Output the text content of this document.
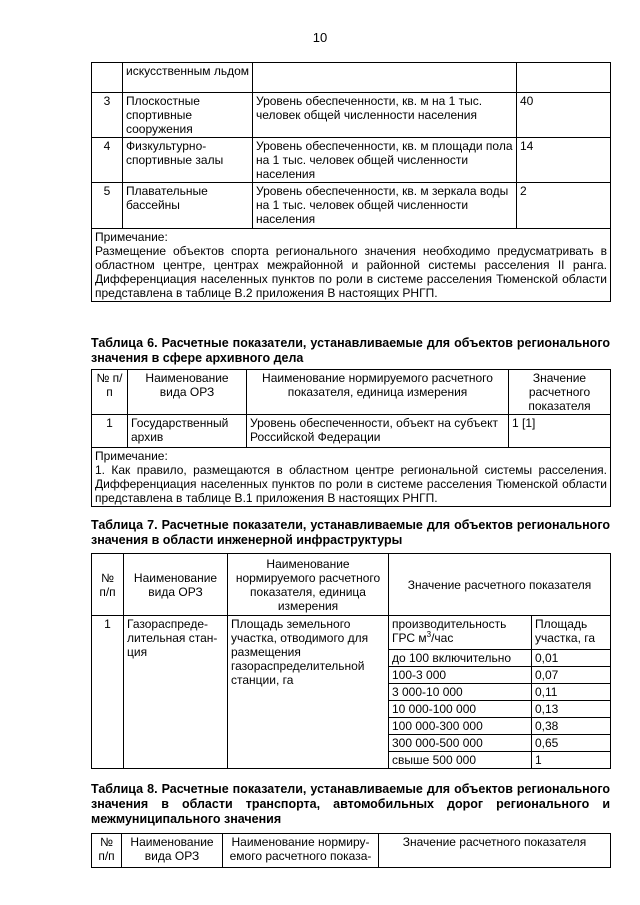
10
	искусственным льдом		
3	Плоскостные спортивные сооружения	Уровень обеспеченности, кв. м на 1 тыс. человек общей численности населения	40
4	Физкультурно-спортивные залы	Уровень обеспеченности, кв. м площади пола на 1 тыс. человек общей численности населения	14
5	Плавательные бассейны	Уровень обеспеченности, кв. м зеркала воды на 1 тыс. человек общей численности населения	2

Примечание:
Размещение объектов спорта регионального значения необходимо предусматривать в областном центре, центрах межрайонной и районной системы расселения II ранга. Дифференциация населенных пунктов по роли в системе расселения Тюменской области представлена в таблице В.2 приложения В настоящих РНГП.			
Таблица 6. Расчетные показатели, устанавливаемые для объектов регионального значения в сфере архивного дела
№ п/п	Наименование вида ОРЗ	Наименование нормируемого расчетного показателя, единица измерения	Значение расчетного показателя
1	Государственный архив	Уровень обеспеченности, объект на субъект Российской Федерации	1 [1]

Примечание:
1. Как правило, размещаются в областном центре региональной системы расселения. Дифференциация населенных пунктов по роли в системе расселения Тюменской области представлена в таблице В.1 приложения В настоящих РНГП.			
Таблица 7. Расчетные показатели, устанавливаемые для объектов регионального значения в области инженерной инфраструктуры
№ п/п	Наименование вида ОРЗ	Наименование нормируемого расчетного показателя, единица измерения	Значение расчетного показателя	
1	Газораспреде-лительная стан-ция	Площадь земельного участка, отводимого для размещения газораспределительной станции, га	производительность ГРС $м^3$/час	Площадь участка, га
			до 100 включительно	0,01
			100-3 000	0,07
			3 000-10 000	0,11
			10 000-100 000	0,13
			100 000-300 000	0,38
			300 000-500 000	0,65
			свыше 500 000	1
Таблица 8. Расчетные показатели, устанавливаемые для объектов регионального значения в области транспорта, автомобильных дорог регионального и межмуниципального значения
№ п/п	Наименование вида ОРЗ	Наименование нормиру-емого расчетного показа-	Значение расчетного показателя
